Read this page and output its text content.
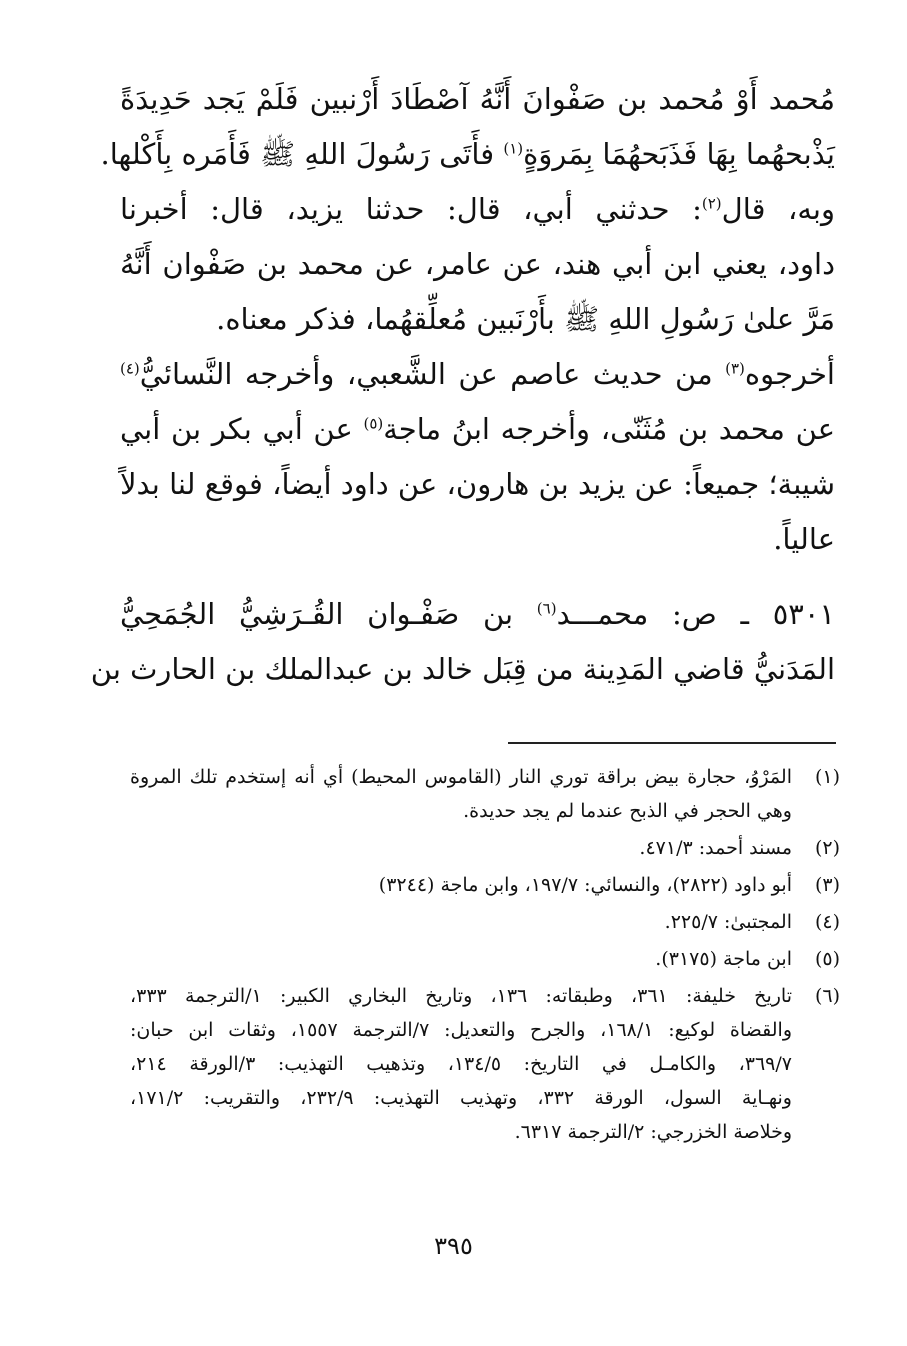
مُحمد أَوْ مُحمد بن صَفْوانَ أَنَّهُ آصْطَادَ أَرْنبين فَلَمْ يَجد حَدِيدَةً
يَذْبحهُما بِهَا فَذَبَحهُمَا بِمَروَةٍ$^{(١)}$ فأَتَى رَسُولَ اللهِ ﷺ فَأَمَره بِأَكْلها.
وبه، قال$^{(٢)}$: حدثني أبي، قال: حدثنا يزيد، قال: أخبرنا
داود، يعني ابن أبي هند، عن عامر، عن محمد بن صَفْوان أَنَّهُ
مَرَّ علىٰ رَسُولِ اللهِ ﷺ بأَرْنَبين مُعلِّقهُما، فذكر معناه.
أخرجوه$^{(٣)}$ من حديث عاصم عن الشَّعبي، وأخرجه النَّسائيُّ$^{(٤)}$
عن محمد بن مُثَنّى، وأخرجه ابنُ ماجة$^{(٥)}$ عن أبي بكر بن أبي
شيبة؛ جميعاً: عن يزيد بن هارون، عن داود أيضاً، فوقع لنا بدلاً
عالياً.
٥٣٠١ ـ ص: محمـــد$^{(٦)}$ بن صَفْـوان القُـرَشِيُّ الجُمَحِيُّ
المَدَنيُّ قاضي المَدِينة من قِبَل خالد بن عبدالملك بن الحارث بن
(١)
المَرْوُ، حجارة بيض براقة توري النار (القاموس المحيط) أي أنه إستخدم تلك المروة
وهي الحجر في الذبح عندما لم يجد حديدة.
(٢)
مسند أحمد: ٤٧١/٣.
(٣)
أبو داود (٢٨٢٢)، والنسائي: ١٩٧/٧، وابن ماجة (٣٢٤٤)
(٤)
المجتبىٰ: ٢٢٥/٧.
(٥)
ابن ماجة (٣١٧٥).
(٦)
تاريخ خليفة: ٣٦١، وطبقاته: ١٣٦، وتاريخ البخاري الكبير: ١/الترجمة ٣٣٣،
والقضاة لوكيع: ١٦٨/١، والجرح والتعديل: ٧/الترجمة ١٥٥٧، وثقات ابن حبان:
٣٦٩/٧، والكامـل في التاريخ: ١٣٤/٥، وتذهيب التهذيب: ٣/الورقة ٢١٤،
ونهـاية السول، الورقة ٣٣٢، وتهذيب التهذيب: ٢٣٢/٩، والتقريب: ١٧١/٢،
وخلاصة الخزرجي: ٢/الترجمة ٦٣١٧.
٣٩٥
